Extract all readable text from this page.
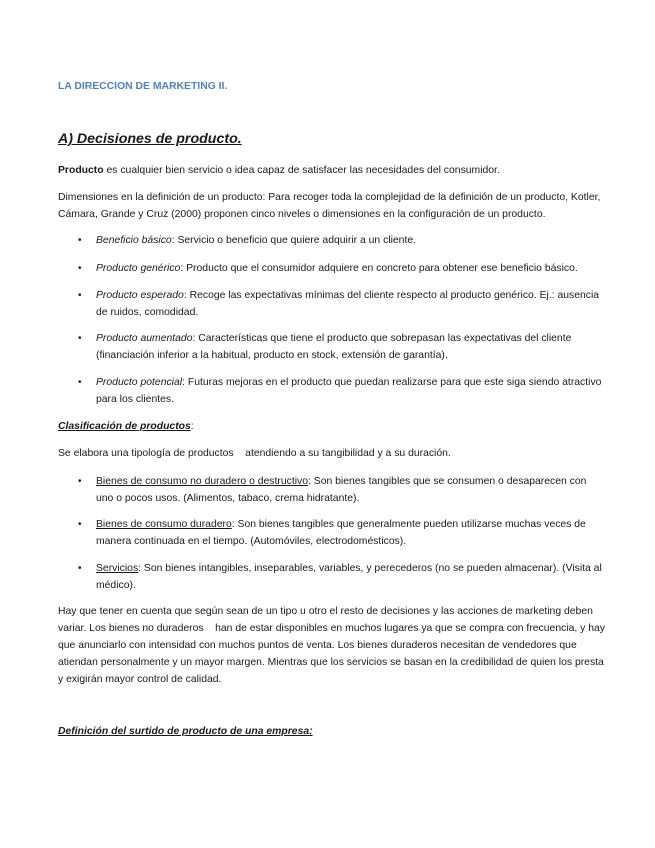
LA DIRECCION DE MARKETING II.

A) Decisiones de producto.

Producto es cualquier bien servicio o idea capaz de satisfacer las necesidades del consumidor.

Dimensiones en la definición de un producto: Para recoger toda la complejidad de la definición de un producto, Kotler, Cámara, Grande y Cruz (2000) proponen cinco niveles o dimensiones en la configuración de un producto.

• Beneficio básico: Servicio o beneficio que quiere adquirir a un cliente.

• Producto genérico: Producto que el consumidor adquiere en concreto para obtener ese beneficio básico.

• Producto esperado: Recoge las expectativas mínimas del cliente respecto al producto genérico. Ej.: ausencia de ruidos, comodidad.

• Producto aumentado: Características que tiene el producto que sobrepasan las expectativas del cliente (financiación inferior a la habitual, producto en stock, extensión de garantía).

• Producto potencial: Futuras mejoras en el producto que puedan realizarse para que este siga siendo atractivo para los clientes.

Clasificación de productos:

Se elabora una tipología de productos    atendiendo a su tangibilidad y a su duración.

• Bienes de consumo no duradero o destructivo: Son bienes tangibles que se consumen o desaparecen con uno o pocos usos. (Alimentos, tabaco, crema hidratante).

• Bienes de consumo duradero: Son bienes tangibles que generalmente pueden utilizarse muchas veces de manera continuada en el tiempo. (Automóviles, electrodomésticos).

• Servicios: Son bienes intangibles, inseparables, variables, y perecederos (no se pueden almacenar). (Visita al médico).

Hay que tener en cuenta que según sean de un tipo u otro el resto de decisiones y las acciones de marketing deben variar. Los bienes no duraderos    han de estar disponibles en muchos lugares ya que se compra con frecuencia, y hay que anunciarlo con intensidad con muchos puntos de venta. Los bienes duraderos necesitan de vendedores que atiendan personalmente y un mayor margen. Mientras que los servicios se basan en la credibilidad de quien los presta y exigirán mayor control de calidad.

Definición del surtido de producto de una empresa:
